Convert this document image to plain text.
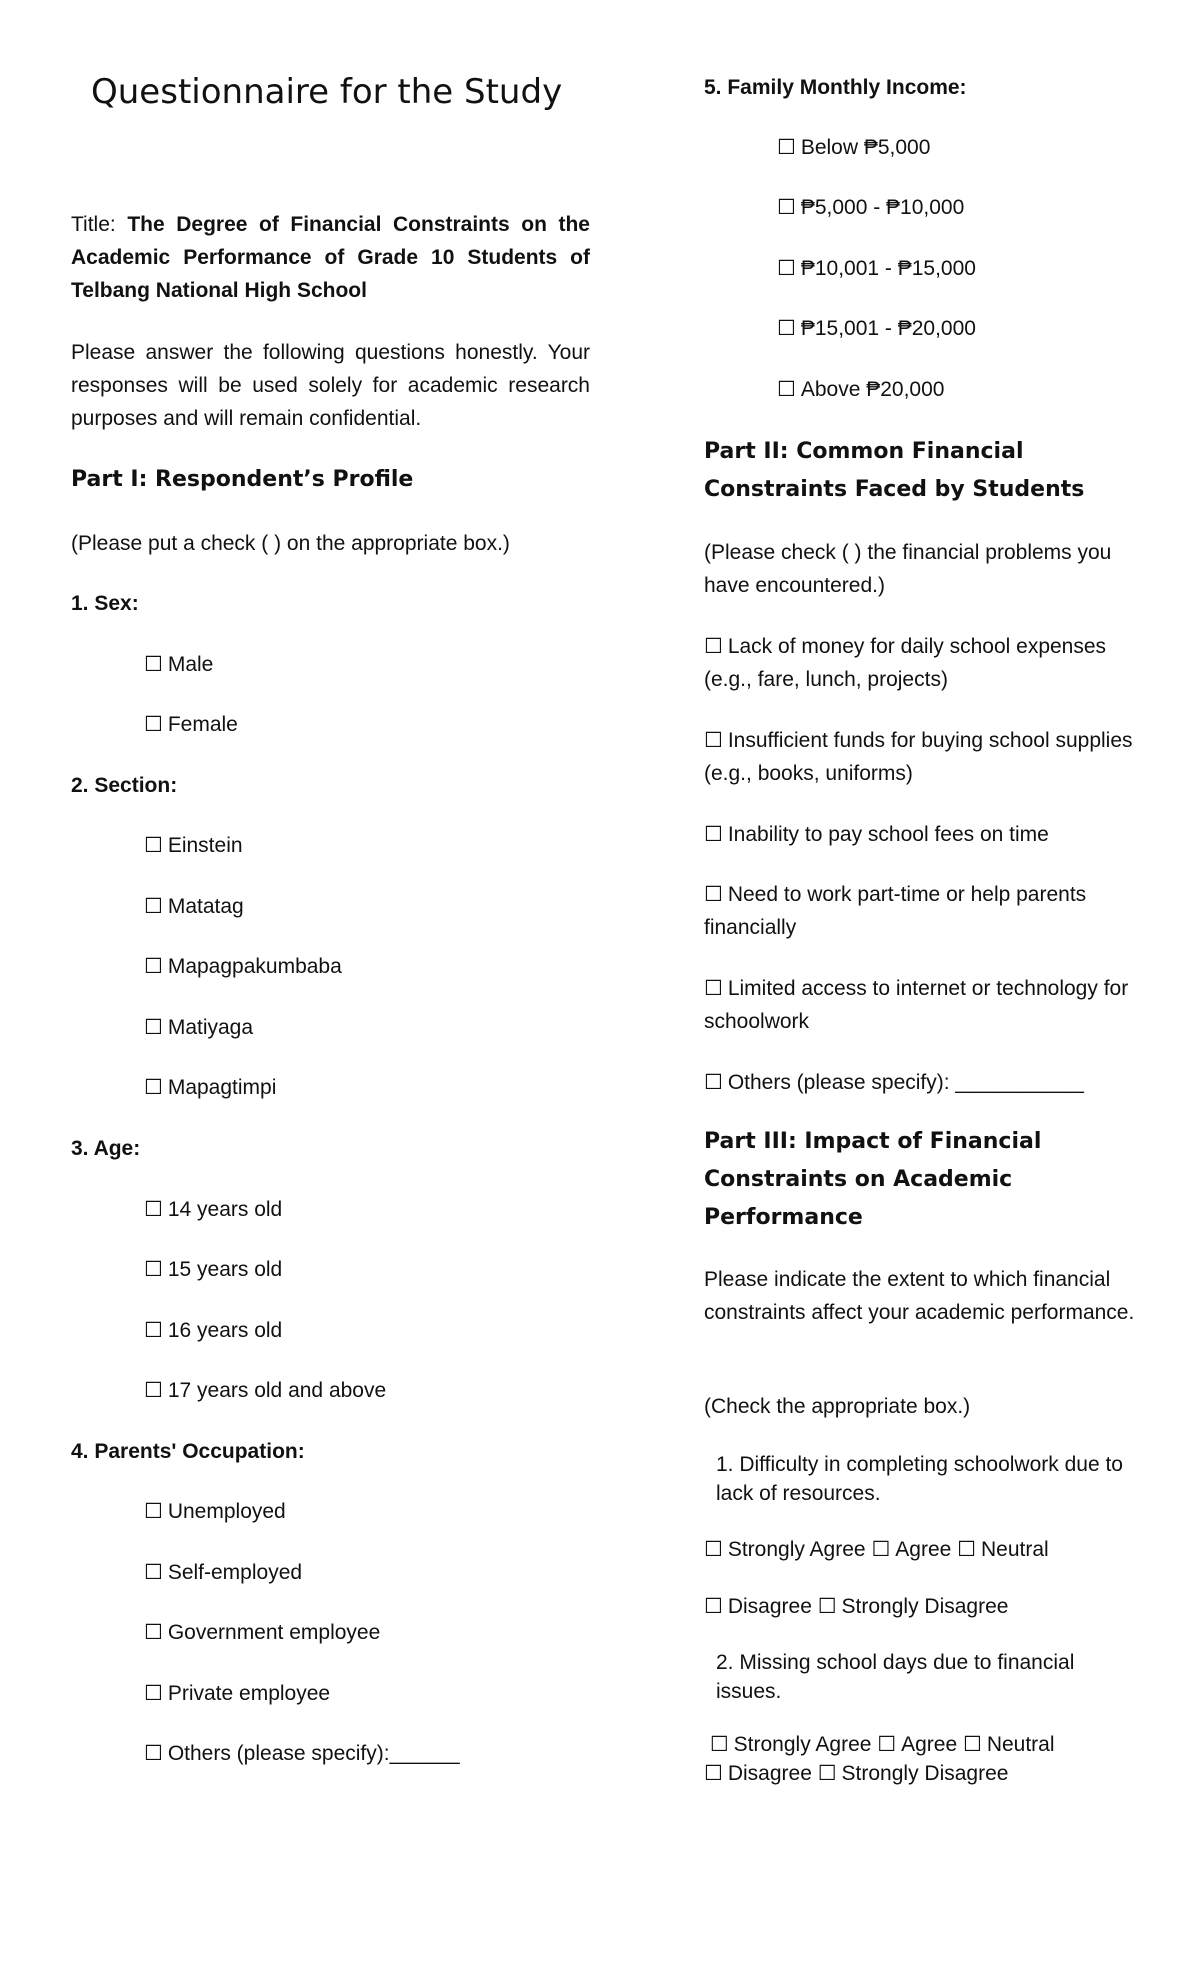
Questionnaire for the Study
Title: The Degree of Financial Constraints on the Academic Performance of Grade 10 Students of Telbang National High School
Please answer the following questions honestly. Your responses will be used solely for academic research purposes and will remain confidential.
Part I: Respondent’s Profile
(Please put a check ( ) on the appropriate box.)
1. Sex:
☐ Male
☐ Female
2. Section:
☐ Einstein
☐ Matatag
☐ Mapagpakumbaba
☐ Matiyaga
☐ Mapagtimpi
3. Age:
☐ 14 years old
☐ 15 years old
☐ 16 years old
☐ 17 years old and above
4. Parents' Occupation:
☐ Unemployed
☐ Self-employed
☐ Government employee
☐ Private employee
☐ Others (please specify):______
5. Family Monthly Income:
☐ Below ₱5,000
☐ ₱5,000 - ₱10,000
☐ ₱10,001 - ₱15,000
☐ ₱15,001 - ₱20,000
☐ Above ₱20,000
Part II: Common Financial Constraints Faced by Students
(Please check ( ) the financial problems you have encountered.)
☐ Lack of money for daily school expenses (e.g., fare, lunch, projects)
☐ Insufficient funds for buying school supplies (e.g., books, uniforms)
☐ Inability to pay school fees on time
☐ Need to work part-time or help parents financially
☐ Limited access to internet or technology for schoolwork
☐ Others (please specify): ___________
Part III: Impact of Financial Constraints on Academic Performance
Please indicate the extent to which financial constraints affect your academic performance.
(Check the appropriate box.)
1. Difficulty in completing schoolwork due to lack of resources.
☐ Strongly Agree ☐ Agree ☐ Neutral
☐ Disagree ☐ Strongly Disagree
2. Missing school days due to financial issues.
☐ Strongly Agree ☐ Agree ☐ Neutral ☐ Disagree ☐ Strongly Disagree
